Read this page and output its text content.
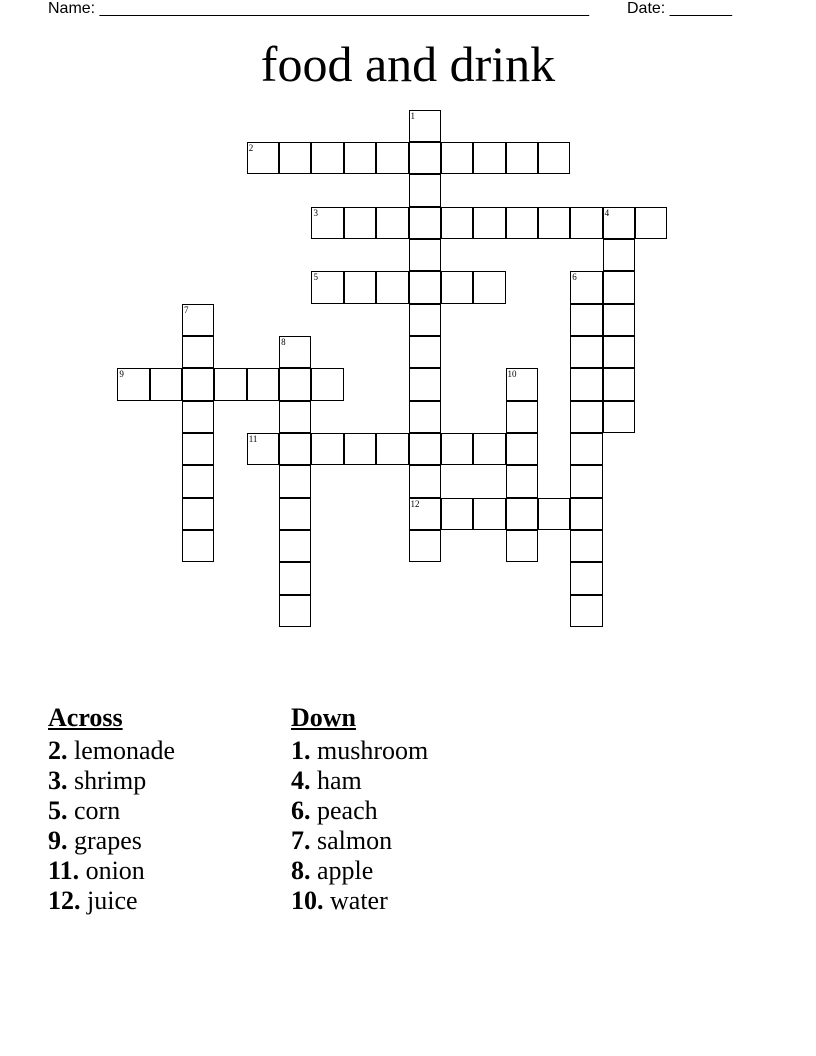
Name: _______________________________________________________ Date: _______
food and drink
1
2
3	4
5	6
7
8
9	10
11
12
Across
2. lemonade
3. shrimp
5. corn
9. grapes
11. onion
12. juice
Down
1. mushroom
4. ham
6. peach
7. salmon
8. apple
10. water
